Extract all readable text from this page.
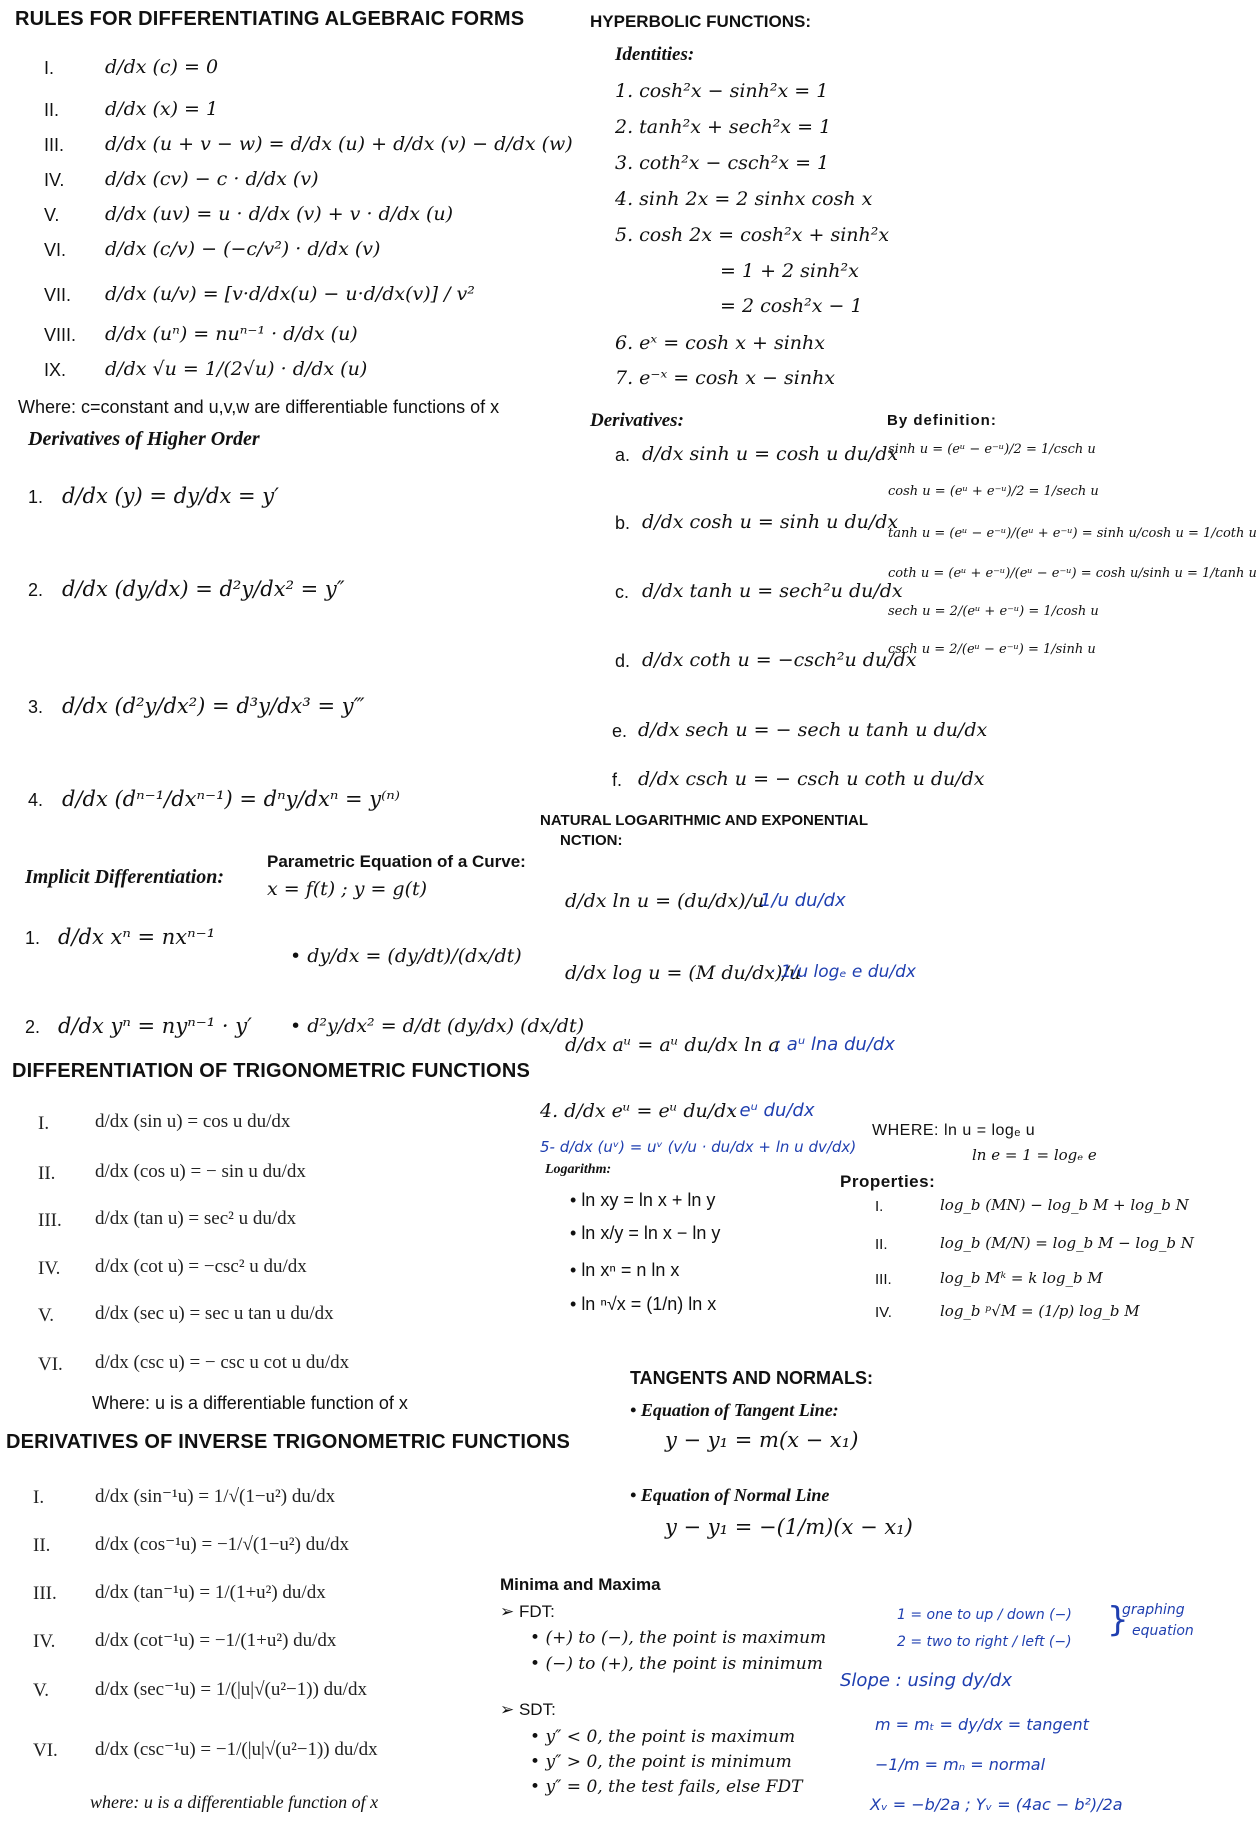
RULES FOR DIFFERENTIATING ALGEBRAIC FORMS
I.	d/dx (c) = 0
II. d/dx (x) = 1
III. d/dx (u + v − w) = d/dx (u) + d/dx (v) − d/dx (w)
IV. d/dx (cv) − c · d/dx (v)
V. d/dx (uv) = u · d/dx (v) + v · d/dx (u)
VI. d/dx (c/v) − (−c/v²) · d/dx (v)
VII. d/dx (u/v) = [v·d/dx(u) − u·d/dx(v)] / v²
VIII. d/dx (uⁿ) = nuⁿ⁻¹ · d/dx (u)
IX. d/dx √u = 1/(2√u) · d/dx (u)
Where: c=constant and u,v,w are differentiable functions of x
Derivatives of Higher Order
1. d/dx (y) = dy/dx = y′
2. d/dx (dy/dx) = d²y/dx² = y″
3. d/dx (d²y/dx²) = d³y/dx³ = y‴
4. d/dx (dⁿ⁻¹/dxⁿ⁻¹) = dⁿy/dxⁿ = y⁽ⁿ⁾
Implicit Differentiation:
1. d/dx xⁿ = nxⁿ⁻¹
2. d/dx yⁿ = nyⁿ⁻¹ · y′
Parametric Equation of a Curve:
x = f(t) ; y = g(t)
• dy/dx = (dy/dt)/(dx/dt)
• d²y/dx² = d/dt (dy/dx) (dx/dt)
DIFFERENTIATION OF TRIGONOMETRIC FUNCTIONS
I. d/dx (sin u) = cos u du/dx
II. d/dx (cos u) = − sin u du/dx
III. d/dx (tan u) = sec² u du/dx
IV. d/dx (cot u) = −csc² u du/dx
V. d/dx (sec u) = sec u tan u du/dx
VI. d/dx (csc u) = − csc u cot u du/dx
Where: u is a differentiable function of x
DERIVATIVES OF INVERSE TRIGONOMETRIC FUNCTIONS
I.	d/dx (sin⁻¹u) = 1/√(1−u²) du/dx
II. d/dx (cos⁻¹u) = −1/√(1−u²) du/dx
III. d/dx (tan⁻¹u) = 1/(1+u²) du/dx
IV. d/dx (cot⁻¹u) = −1/(1+u²) du/dx
V. d/dx (sec⁻¹u) = 1/(|u|√(u²−1)) du/dx
VI. d/dx (csc⁻¹u) = −1/(|u|√(u²−1)) du/dx
where: u is a differentiable function of x
HYPERBOLIC FUNCTIONS:
Identities:
1. cosh²x − sinh²x = 1
2. tanh²x + sech²x = 1
3. coth²x − csch²x = 1
4. sinh 2x = 2 sinhx cosh x
5. cosh 2x = cosh²x + sinh²x
= 1 + 2 sinh²x
= 2 cosh²x − 1
6. eˣ = cosh x + sinhx
7. e⁻ˣ = cosh x − sinhx
Derivatives:
a. d/dx sinh u = cosh u du/dx
b. d/dx cosh u = sinh u du/dx
c. d/dx tanh u = sech²u du/dx
d. d/dx coth u = −csch²u du/dx
e. d/dx sech u = − sech u tanh u du/dx
f. d/dx csch u = − csch u coth u du/dx
By definition:
sinh u = (eᵘ − e⁻ᵘ)/2 = 1/csch u
cosh u = (eᵘ + e⁻ᵘ)/2 = 1/sech u
tanh u = (eᵘ − e⁻ᵘ)/(eᵘ + e⁻ᵘ) = sinh u/cosh u = 1/coth u
coth u = (eᵘ + e⁻ᵘ)/(eᵘ − e⁻ᵘ) = cosh u/sinh u = 1/tanh u
sech u = 2/(eᵘ + e⁻ᵘ) = 1/cosh u
csch u = 2/(eᵘ − e⁻ᵘ) = 1/sinh u
NATURAL LOGARITHMIC AND EXPONENTIAL
NCTION:
d/dx ln u = (du/dx)/u
1/u du/dx
d/dx log u = (M du/dx)/u
· 1/u logₑ e du/dx
d/dx aᵘ = aᵘ du/dx ln a
; aᵘ lna du/dx
4. d/dx eᵘ = eᵘ du/dx
· eᵘ du/dx
5- d/dx (uᵛ) = uᵛ (v/u · du/dx + ln u dv/dx)
Logarithm:
• ln xy = ln x + ln y
• ln x/y = ln x − ln y
• ln xⁿ = n ln x
• ln ⁿ√x = (1/n) ln x
WHERE: ln u = logₑ u
ln e = 1 = logₑ e
Properties:
I.	log_b (MN) − log_b M + log_b N
II.	log_b (M/N) = log_b M − log_b N
III.	log_b Mᵏ = k log_b M
IV.	log_b ᵖ√M = (1/p) log_b M
TANGENTS AND NORMALS:
• Equation of Tangent Line:
y − y₁ = m(x − x₁)
• Equation of Normal Line
y − y₁ = −(1/m)(x − x₁)
Minima and Maxima
➢ FDT:
• (+) to (−), the point is maximum
• (−) to (+), the point is minimum
➢ SDT:
• y″ < 0, the point is maximum
• y″ > 0, the point is minimum
• y″ = 0, the test fails, else FDT
1 = one to up / down (−)
2 = two to right / left (−)
graphing
equation
Slope : using dy/dx
m = mₜ = dy/dx = tangent
−1/m = mₙ = normal
Xᵥ = −b/2a ; Yᵥ = (4ac − b²)/2a
}
